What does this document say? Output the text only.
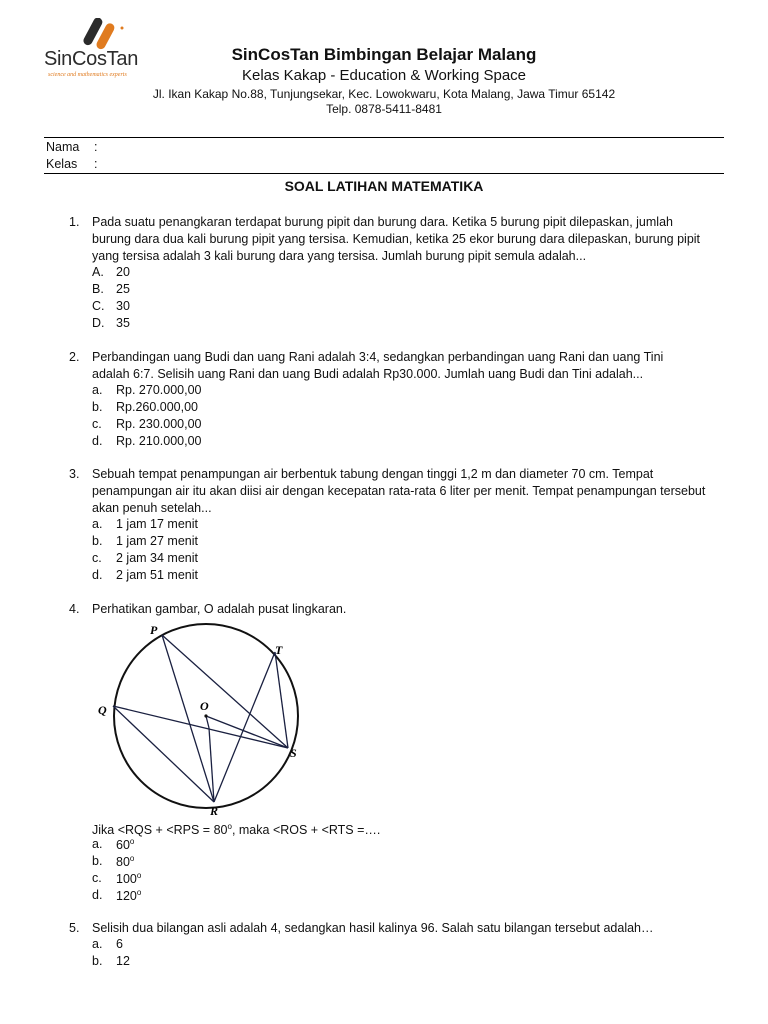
SinCosTan
science and mathematics experts
SinCosTan Bimbingan Belajar Malang
Kelas Kakap - Education & Working Space
Jl. Ikan Kakap No.88, Tunjungsekar, Kec. Lowokwaru, Kota Malang, Jawa Timur 65142
Telp. 0878-5411-8481
Nama :
Kelas :
SOAL LATIHAN MATEMATIKA
1. Pada suatu penangkaran terdapat burung pipit dan burung dara. Ketika 5 burung pipit dilepaskan, jumlah
burung dara dua kali burung pipit yang tersisa. Kemudian, ketika 25 ekor burung dara dilepaskan, burung pipit
yang tersisa adalah 3 kali burung dara yang tersisa. Jumlah burung pipit semula adalah...
A. 20
B. 25
C. 30
D. 35
2. Perbandingan uang Budi dan uang Rani adalah 3:4, sedangkan perbandingan uang Rani dan uang Tini
adalah 6:7. Selisih uang Rani dan uang Budi adalah Rp30.000. Jumlah uang Budi dan Tini adalah...
a. Rp. 270.000,00
b. Rp.260.000,00
c. Rp. 230.000,00
d. Rp. 210.000,00
3. Sebuah tempat penampungan air berbentuk tabung dengan tinggi 1,2 m dan diameter 70 cm. Tempat
penampungan air itu akan diisi air dengan kecepatan rata-rata 6 liter per menit. Tempat penampungan tersebut
akan penuh setelah...
a. 1 jam 17 menit
b. 1 jam 27 menit
c. 2 jam 34 menit
d. 2 jam 51 menit
4. Perhatikan gambar, O adalah pusat lingkaran.
P
T
Q	O
S
R
Jika $<RQS + <RPS = 80^o$, maka <ROS + <RTS =….
a. 60$^o$
b. 80$^o$
c. 100$^o$
d. 120$^o$
5. Selisih dua bilangan asli adalah 4, sedangkan hasil kalinya 96. Salah satu bilangan tersebut adalah…
a. 6
b. 12
